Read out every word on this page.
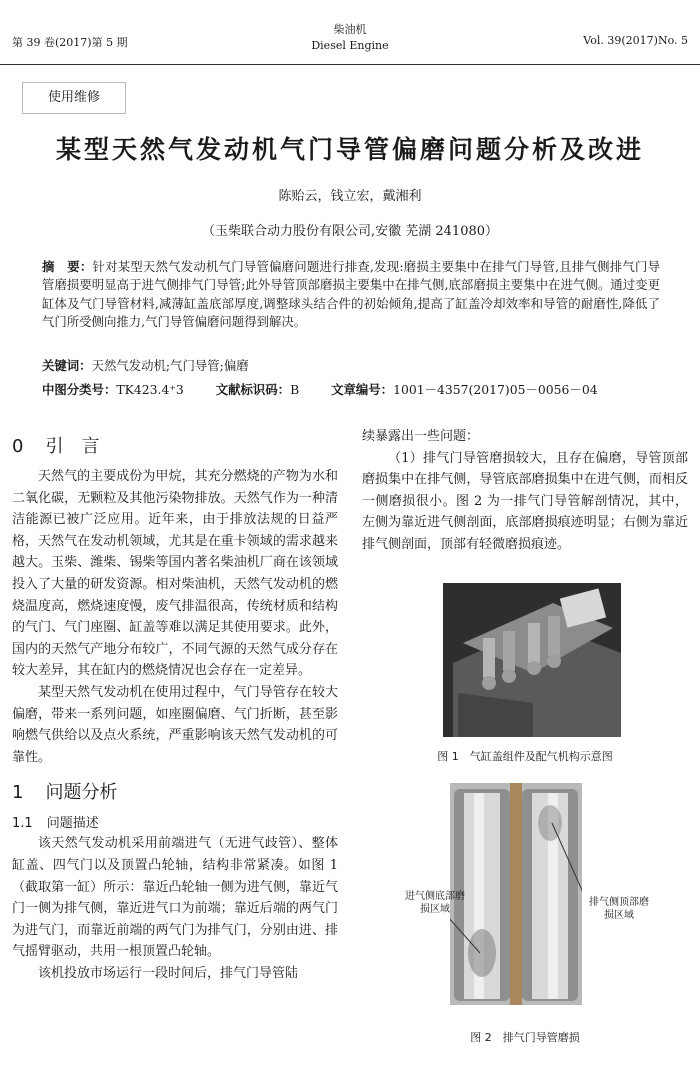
第 39 卷(2017)第 5 期
柴油机
Diesel Engine	Vol. 39(2017)No. 5
使用维修
某型天然气发动机气门导管偏磨问题分析及改进
陈贻云，钱立宏，戴湘利
（玉柴联合动力股份有限公司,安徽 芜湖 241080）
摘　要：针对某型天然气发动机气门导管偏磨问题进行排查,发现:磨损主要集中在排气门导管,且排气侧排气门导管磨损要明显高于进气侧排气门导管;此外导管顶部磨损主要集中在排气侧,底部磨损主要集中在进气侧。通过变更缸体及气门导管材料,减薄缸盖底部厚度,调整球头结合件的初始倾角,提高了缸盖冷却效率和导管的耐磨性,降低了气门所受侧向推力,气门导管偏磨问题得到解决。
关键词：天然气发动机;气门导管;偏磨
中图分类号：TK423.4⁺3	文献标识码：B	文章编号：1001－4357(2017)05－0056－04
0 引　言

天然气的主要成份为甲烷，其充分燃烧的产物为水和二氧化碳，无颗粒及其他污染物排放。天然气作为一种清洁能源已被广泛应用。近年来，由于排放法规的日益严格，天然气在发动机领域，尤其是在重卡领域的需求越来越大。玉柴、潍柴、锡柴等国内著名柴油机厂商在该领域投入了大量的研发资源。相对柴油机，天然气发动机的燃烧温度高，燃烧速度慢，废气排温很高，传统材质和结构的气门、气门座圈、缸盖等难以满足其使用要求。此外，国内的天然气产地分布较广，不同气源的天然气成分存在较大差异，其在缸内的燃烧情况也会存在一定差异。

某型天然气发动机在使用过程中，气门导管存在较大偏磨，带来一系列问题，如座圈偏磨、气门折断，甚至影响燃气供给以及点火系统，严重影响该天然气发动机的可靠性。

1 问题分析
1.1 问题描述

该天然气发动机采用前端进气（无进气歧管）、整体缸盖、四气门以及顶置凸轮轴，结构非常紧凑。如图 1（截取第一缸）所示：靠近凸轮轴一侧为进气侧，靠近气门一侧为排气侧，靠近进气口为前端；靠近后端的两气门为进气门，而靠近前端的两气门为排气门，分别由进、排气摇臂驱动，共用一根顶置凸轮轴。

该机投放市场运行一段时间后，排气门导管陆

续暴露出一些问题：

（1）排气门导管磨损较大，且存在偏磨，导管顶部磨损集中在排气侧，导管底部磨损集中在进气侧，而相反一侧磨损很小。图 2 为一排气门导管解剖情况，其中，左侧为靠近进气侧剖面，底部磨损痕迹明显；右侧为靠近排气侧剖面，顶部有轻微磨损痕迹。

图 1　气缸盖组件及配气机构示意图
进气侧底部磨损区域
排气侧顶部磨损区域
图 2　排气门导管磨损
